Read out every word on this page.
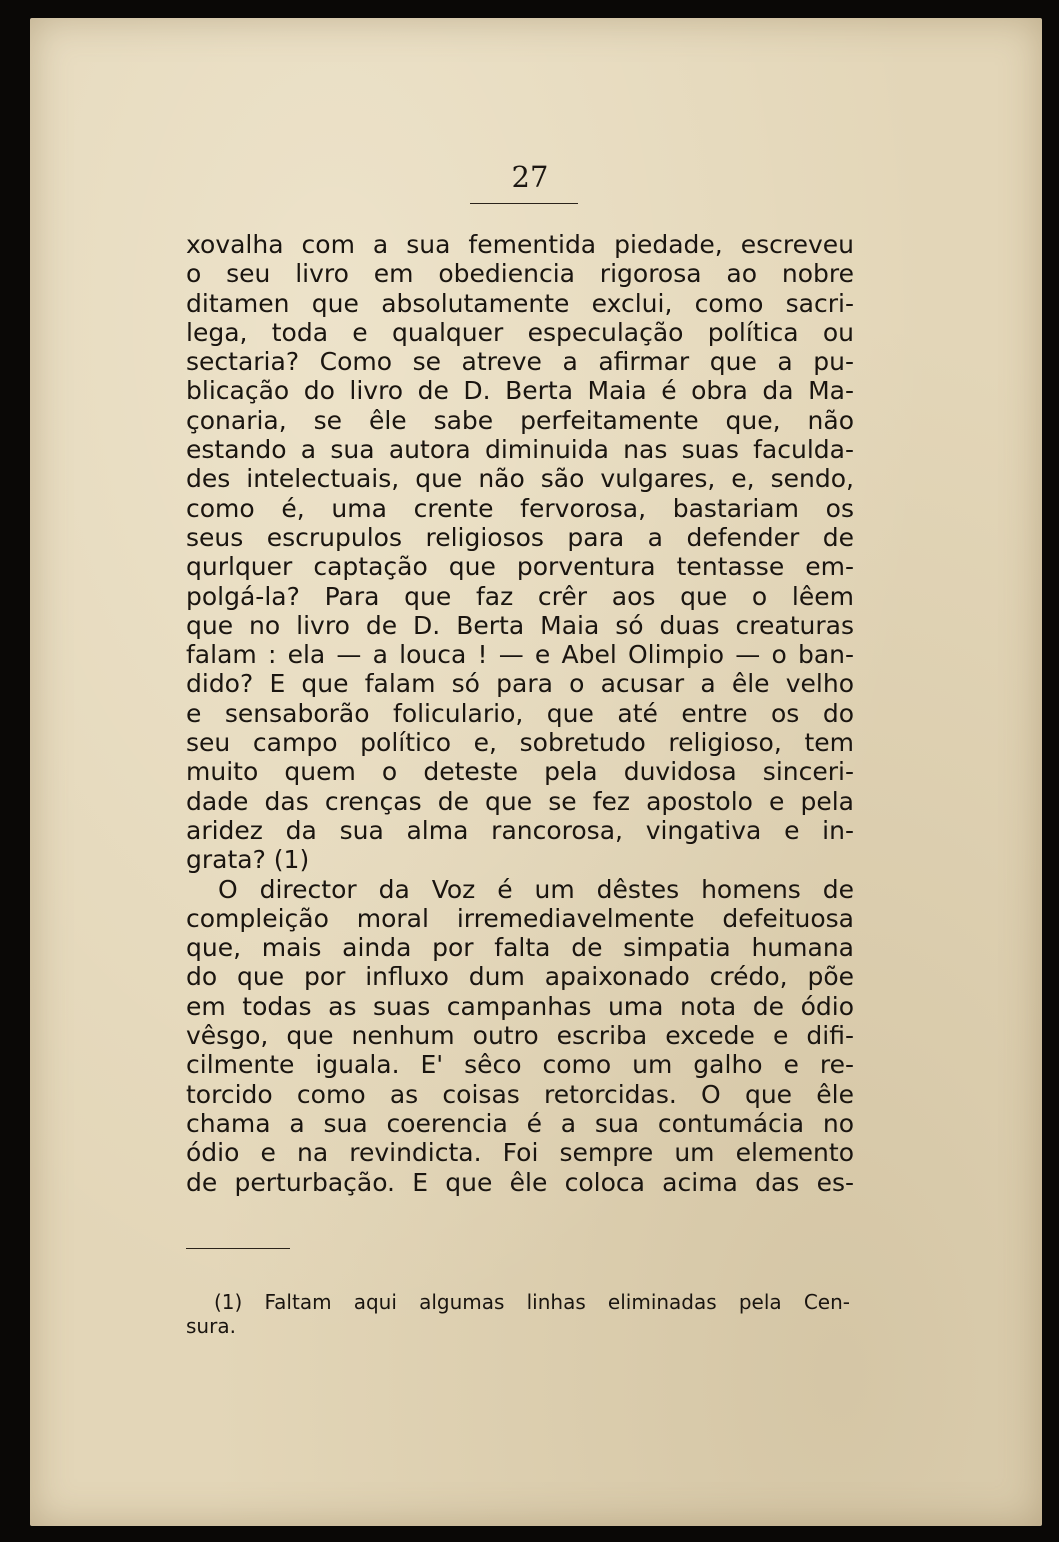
27
xovalha com a sua fementida piedade, escreveu
o seu livro em obediencia rigorosa ao nobre
ditamen que absolutamente exclui, como sacri-
lega, toda e qualquer especulação política ou
sectaria? Como se atreve a afirmar que a pu-
blicação do livro de D. Berta Maia é obra da Ma-
çonaria, se êle sabe perfeitamente que, não
estando a sua autora diminuida nas suas faculda-
des intelectuais, que não são vulgares, e, sendo,
como é, uma crente fervorosa, bastariam os
seus escrupulos religiosos para a defender de
qurlquer captação que porventura tentasse em-
polgá-la? Para que faz crêr aos que o lêem
que no livro de D. Berta Maia só duas creaturas
falam : ela — a louca ! — e Abel Olimpio — o ban-
dido? E que falam só para o acusar a êle velho
e sensaborão foliculario, que até entre os do
seu campo político e, sobretudo religioso, tem
muito quem o deteste pela duvidosa sinceri-
dade das crenças de que se fez apostolo e pela
aridez da sua alma rancorosa, vingativa e in-
grata? (1)
O director da Voz é um dêstes homens de
compleição moral irremediavelmente defeituosa
que, mais ainda por falta de simpatia humana
do que por influxo dum apaixonado crédo, põe
em todas as suas campanhas uma nota de ódio
vêsgo, que nenhum outro escriba excede e difi-
cilmente iguala. E' sêco como um galho e re-
torcido como as coisas retorcidas. O que êle
chama a sua coerencia é a sua contumácia no
ódio e na revindicta. Foi sempre um elemento
de perturbação. E que êle coloca acima das es-
(1) Faltam aqui algumas linhas eliminadas pela Cen-
sura.
